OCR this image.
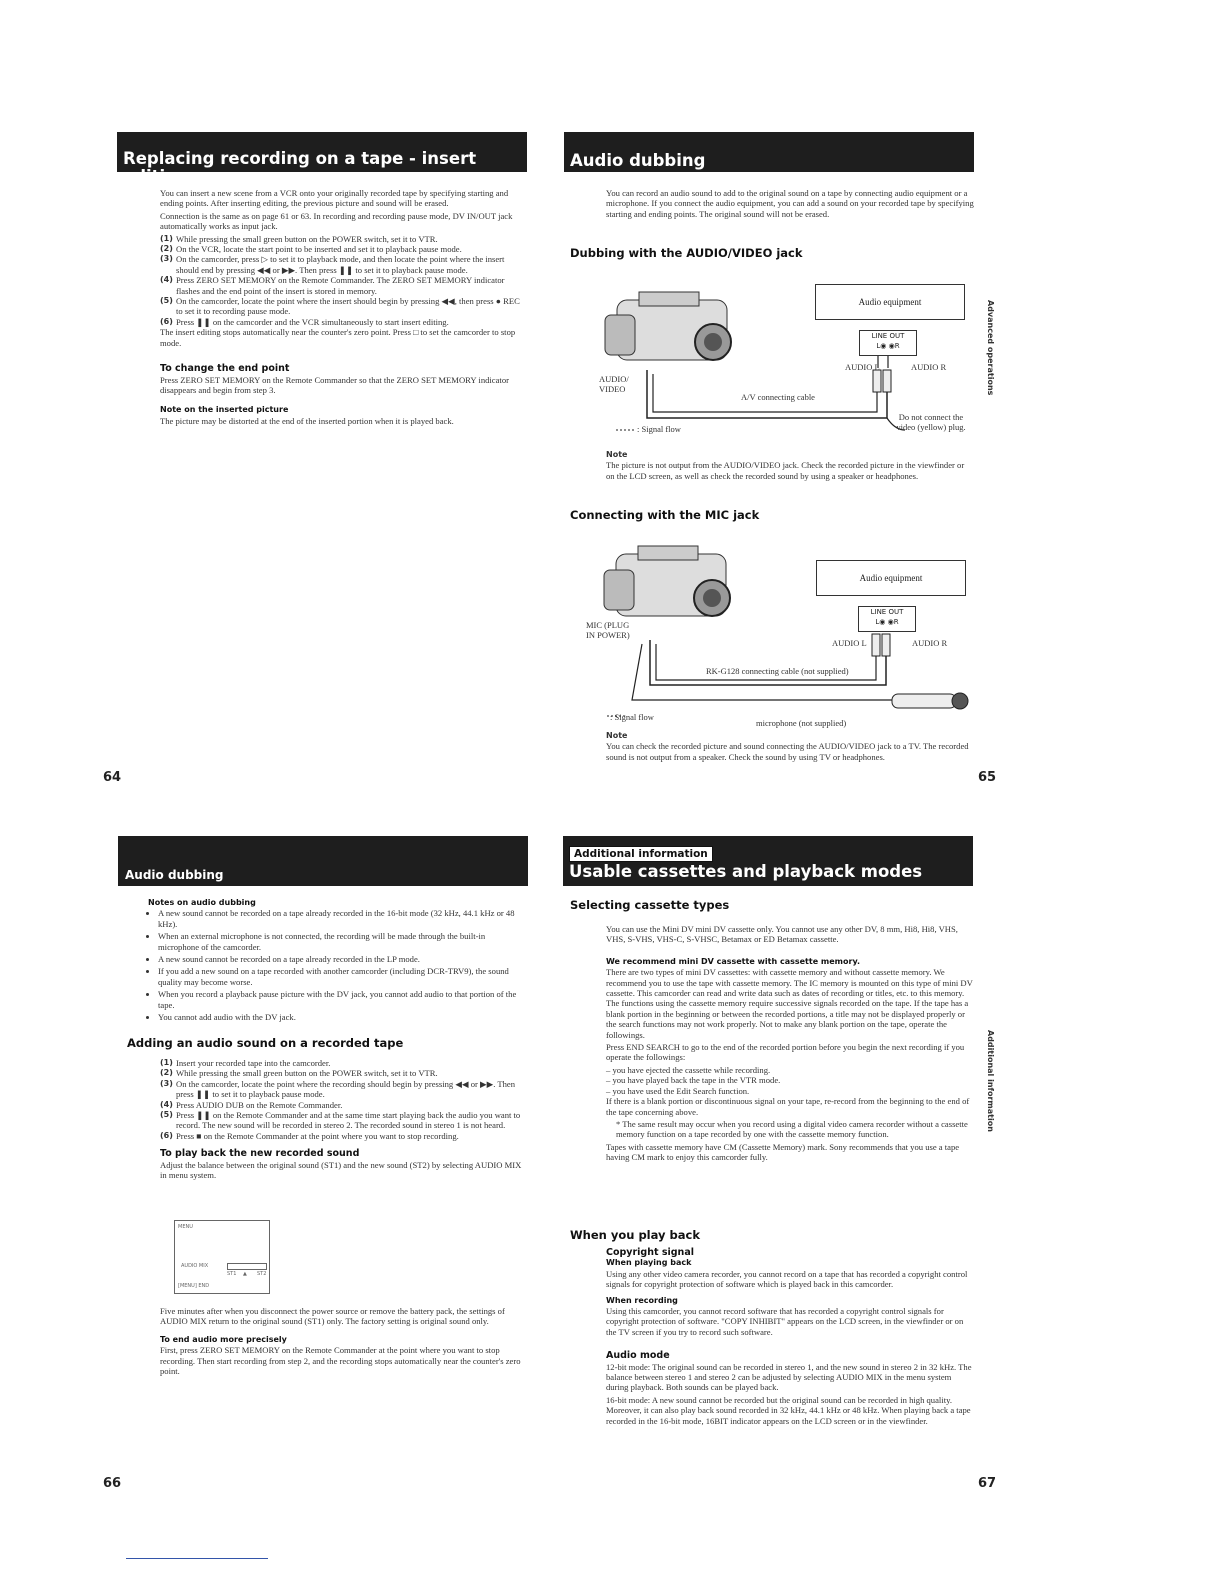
Replacing recording on a tape - insert editing

You can insert a new scene from a VCR onto your originally recorded tape by specifying starting and ending points. After inserting editing, the previous picture and sound will be erased.

Connection is the same as on page 61 or 63. In recording and recording pause mode, DV IN/OUT jack automatically works as input jack.

(1) While pressing the small green button on the POWER switch, set it to VTR.
(2) On the VCR, locate the start point to be inserted and set it to playback pause mode.
(3) On the camcorder, press ▷ to set it to playback mode, and then locate the point where the insert should end by pressing ◀◀ or ▶▶. Then press ❚❚ to set it to playback pause mode.
(4) Press ZERO SET MEMORY on the Remote Commander. The ZERO SET MEMORY indicator flashes and the end point of the insert is stored in memory.
(5) On the camcorder, locate the point where the insert should begin by pressing ◀◀, then press ● REC to set it to recording pause mode.
(6) Press ❚❚ on the camcorder and the VCR simultaneously to start insert editing.

The insert editing stops automatically near the counter's zero point. Press □ to set the camcorder to stop mode.

To change the end point

Press ZERO SET MEMORY on the Remote Commander so that the ZERO SET MEMORY indicator disappears and begin from step 3.

Note on the inserted picture

The picture may be distorted at the end of the inserted portion when it is played back.

64
Audio dubbing

You can record an audio sound to add to the original sound on a tape by connecting audio equipment or a microphone. If you connect the audio equipment, you can add a sound on your recorded tape by specifying starting and ending points. The original sound will not be erased.

Dubbing with the AUDIO/VIDEO jack
Audio equipment
LINE OUT
L◉ ◉R
AUDIO L	AUDIO R
AUDIO/ VIDEO
A/V connecting cable
: Signal flow
Do not connect the video (yellow) plug.
Note

The picture is not output from the AUDIO/VIDEO jack. Check the recorded picture in the viewfinder or on the LCD screen, as well as check the recorded sound by using a speaker or headphones.

Connecting with the MIC jack
Audio equipment
LINE OUT
L◉ ◉R
AUDIO L	AUDIO R
MIC (PLUG IN POWER)
RK-G128 connecting cable (not supplied)
: Signal flow
microphone (not supplied)
Note

You can check the recorded picture and sound connecting the AUDIO/VIDEO jack to a TV. The recorded sound is not output from a speaker. Check the sound by using TV or headphones.

Advanced operations
65
Audio dubbing
Notes on audio dubbing
• A new sound cannot be recorded on a tape already recorded in the 16-bit mode (32 kHz, 44.1 kHz or 48 kHz).
• When an external microphone is not connected, the recording will be made through the built-in microphone of the camcorder.
• A new sound cannot be recorded on a tape already recorded in the LP mode.
• If you add a new sound on a tape recorded with another camcorder (including DCR-TRV9), the sound quality may become worse.
• When you record a playback pause picture with the DV jack, you cannot add audio to that portion of the tape.
• You cannot add audio with the DV jack.
Adding an audio sound on a recorded tape
(1) Insert your recorded tape into the camcorder.
(2) While pressing the small green button on the POWER switch, set it to VTR.
(3) On the camcorder, locate the point where the recording should begin by pressing ◀◀ or ▶▶. Then press ❚❚ to set it to playback pause mode.
(4) Press AUDIO DUB on the Remote Commander.
(5) Press ❚❚ on the Remote Commander and at the same time start playing back the audio you want to record. The new sound will be recorded in stereo 2. The recorded sound in stereo 1 is not heard.
(6) Press ■ on the Remote Commander at the point where you want to stop recording.
To play back the new recorded sound

Adjust the balance between the original sound (ST1) and the new sound (ST2) by selecting AUDIO MIX in menu system.

MENU
AUDIO MIX
ST1 ▲ ST2
[MENU] END

Five minutes after when you disconnect the power source or remove the battery pack, the settings of AUDIO MIX return to the original sound (ST1) only. The factory setting is original sound only.

To end audio more precisely

First, press ZERO SET MEMORY on the Remote Commander at the point where you want to stop recording. Then start recording from step 2, and the recording stops automatically near the counter's zero point.

66
Additional information
Usable cassettes and playback modes
Selecting cassette types

You can use the Mini DV mini DV cassette only. You cannot use any other DV, 8 mm, Hi8, Hi8, VHS, VHS, S-VHS, VHS-C, S-VHSC, Betamax or ED Betamax cassette.

We recommend mini DV cassette with cassette memory.

There are two types of mini DV cassettes: with cassette memory and without cassette memory. We recommend you to use the tape with cassette memory. The IC memory is mounted on this type of mini DV cassette. This camcorder can read and write data such as dates of recording or titles, etc. to this memory. The functions using the cassette memory require successive signals recorded on the tape. If the tape has a blank portion in the beginning or between the recorded portions, a title may not be displayed properly or the search functions may not work properly. Not to make any blank portion on the tape, operate the followings.

Press END SEARCH to go to the end of the recorded portion before you begin the next recording if you operate the followings:

– you have ejected the cassette while recording.
– you have played back the tape in the VTR mode.
– you have used the Edit Search function.

If there is a blank portion or discontinuous signal on your tape, re-record from the beginning to the end of the tape concerning above.

* The same result may occur when you record using a digital video camera recorder without a cassette memory function on a tape recorded by one with the cassette memory function.

Tapes with cassette memory have CM (Cassette Memory) mark. Sony recommends that you use a tape having CM mark to enjoy this camcorder fully.

When you play back
Copyright signal
When playing back

Using any other video camera recorder, you cannot record on a tape that has recorded a copyright control signals for copyright protection of software which is played back in this camcorder.

When recording

Using this camcorder, you cannot record software that has recorded a copyright control signals for copyright protection of software. "COPY INHIBIT" appears on the LCD screen, in the viewfinder or on the TV screen if you try to record such software.

Audio mode

12-bit mode: The original sound can be recorded in stereo 1, and the new sound in stereo 2 in 32 kHz. The balance between stereo 1 and stereo 2 can be adjusted by selecting AUDIO MIX in the menu system during playback. Both sounds can be played back.

16-bit mode: A new sound cannot be recorded but the original sound can be recorded in high quality. Moreover, it can also play back sound recorded in 32 kHz, 44.1 kHz or 48 kHz. When playing back a tape recorded in the 16-bit mode, 16BIT indicator appears on the LCD screen or in the viewfinder.

Additional information
67
